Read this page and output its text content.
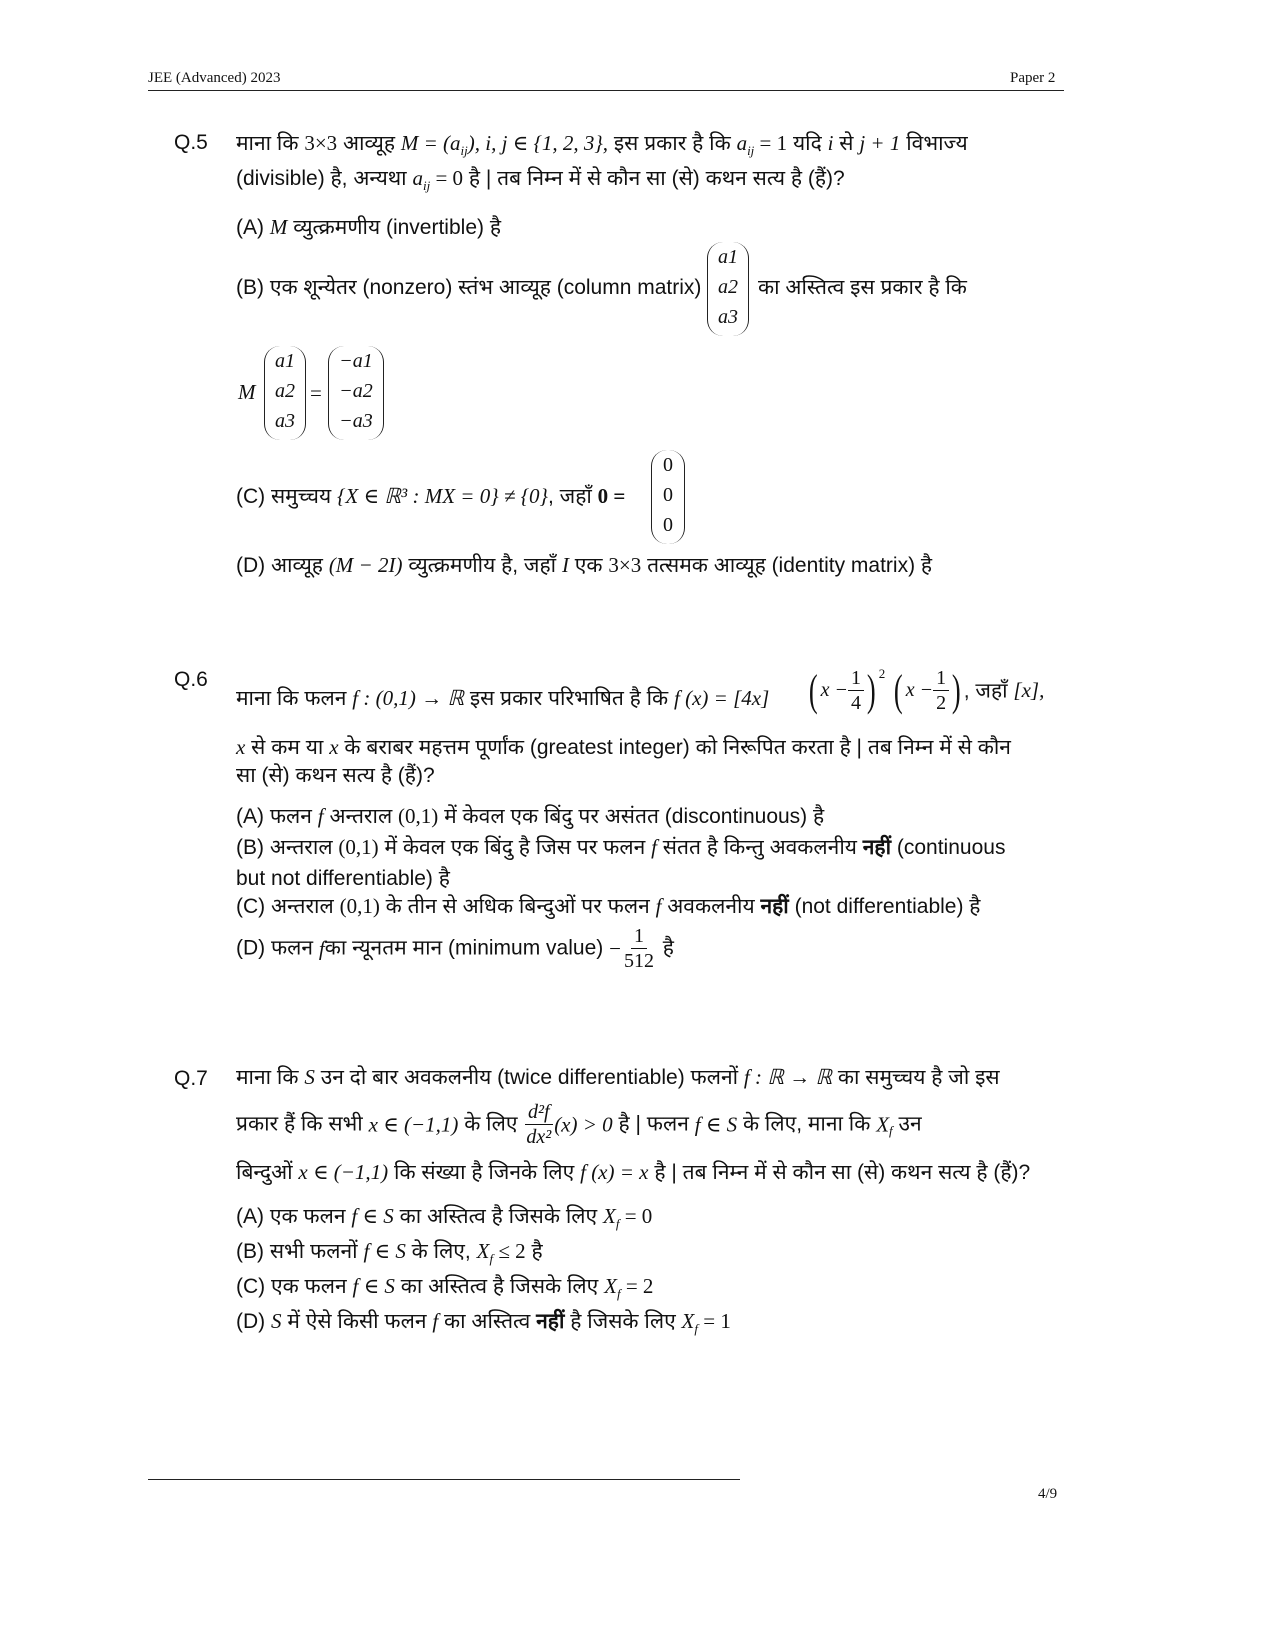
JEE (Advanced) 2023	Paper 2
Q.5 माना कि 3×3 आव्यूह $M = (a_{ij})$, i, j ∈ {1, 2, 3}, इस प्रकार है कि $a_{ij} = 1$ यदि i से j + 1 विभाज्य
(divisible) है, अन्यथा $a_{ij} = 0$ है | तब निम्न में से कौन सा (से) कथन सत्य है (हैं)?
(A) M व्युत्क्रमणीय (invertible) है
(B) एक शून्येतर (nonzero) स्तंभ आव्यूह (column matrix)
a1
a2
a3
का अस्तित्व इस प्रकार है कि
M
a1
a2
a3
=
−a1
−a2
−a3
(C) समुच्चय {X ∈ ℝ³ : MX = 0} ≠ {0}, जहाँ 0 =
0
0
0
(D) आव्यूह (M − 2I) व्युत्क्रमणीय है, जहाँ I एक 3×3 तत्समक आव्यूह (identity matrix) है
Q.6
माना कि फलन f : (0,1) → ℝ इस प्रकार परिभाषित है कि f (x) = [4x] ( $x - \frac{1}{4}$ ) $^2$ ( $x - \frac{1}{2}$ ) , जहाँ [x],
x से कम या x के बराबर महत्तम पूर्णांक (greatest integer) को निरूपित करता है | तब निम्न में से कौन
सा (से) कथन सत्य है (हैं)?
(A) फलन f अन्तराल (0,1) में केवल एक बिंदु पर असंतत (discontinuous) है
(B) अन्तराल (0,1) में केवल एक बिंदु है जिस पर फलन f संतत है किन्तु अवकलनीय नहीं (continuous
but not differentiable) है
(C) अन्तराल (0,1) के तीन से अधिक बिन्दुओं पर फलन f अवकलनीय नहीं (not differentiable) है
(D) फलन fका न्यूनतम मान (minimum value) − $\frac{1}{512}$ है
Q.7 माना कि S उन दो बार अवकलनीय (twice differentiable) फलनों f : ℝ → ℝ का समुच्चय है जो इस
प्रकार हैं कि सभी x ∈ (−1,1) के लिए $\frac{\text{d²f}}{\text{dx²}} (x) > 0$ है | फलन f ∈ S के लिए, माना कि $X_f$ उन
बिन्दुओं x ∈ (−1,1) कि संख्या है जिनके लिए f (x) = x है | तब निम्न में से कौन सा (से) कथन सत्य है (हैं)?
(A) एक फलन f ∈ S का अस्तित्व है जिसके लिए $X_f = 0$
(B) सभी फलनों f ∈ S के लिए, $X_f \le 2$ है
(C) एक फलन f ∈ S का अस्तित्व है जिसके लिए $X_f = 2$
(D) S में ऐसे किसी फलन f का अस्तित्व नहीं है जिसके लिए $X_f = 1$
4/9
